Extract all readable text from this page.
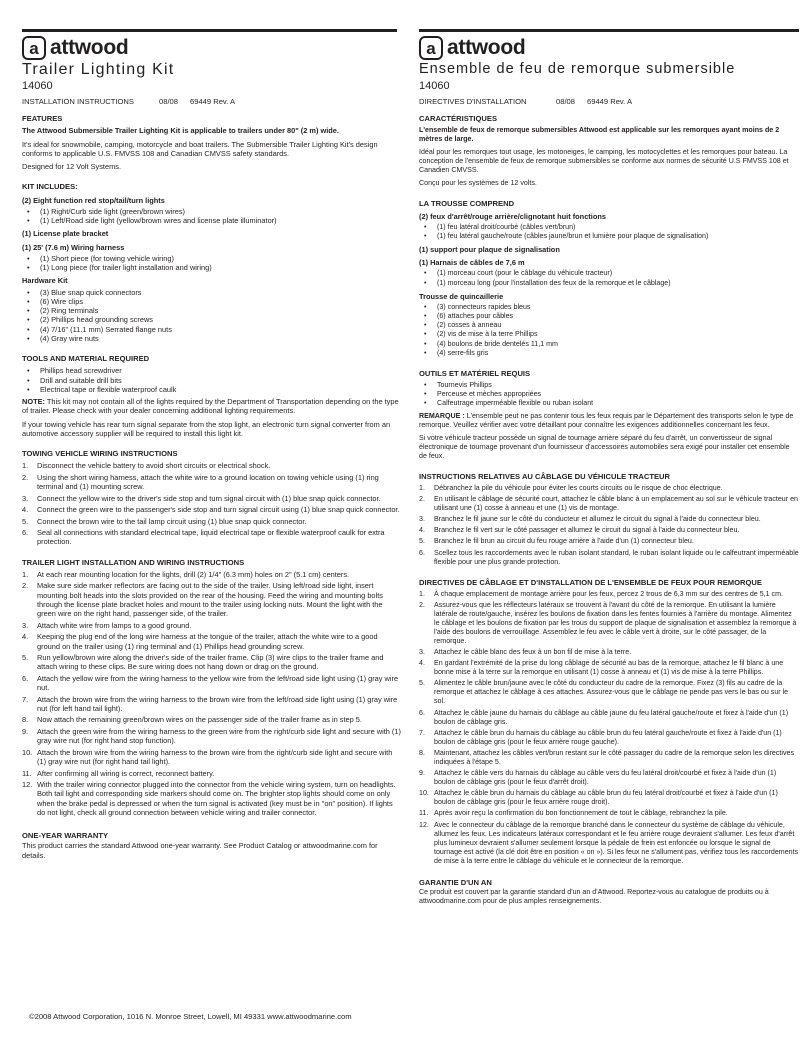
a attwood
Trailer Lighting Kit
14060
INSTALLATION INSTRUCTIONS	08/08	69449 Rev. A
FEATURES

The Attwood Submersible Trailer Lighting Kit is applicable to trailers under 80" (2 m) wide.

It's ideal for snowmobile, camping, motorcycle and boat trailers. The Submersible Trailer Lighting Kit's design conforms to applicable U.S. FMVSS 108 and Canadian CMVSS safety standards.

Designed for 12 Volt Systems.

KIT INCLUDES:
(2) Eight function red stop/tail/turn lights
• (1) Right/Curb side light (green/brown wires)
• (1) Left/Road side light (yellow/brown wires and license plate illuminator)
(1) License plate bracket
(1) 25' (7.6 m) Wiring harness
• (1) Short piece (for towing vehicle wiring)
• (1) Long piece (for trailer light installation and wiring)
Hardware Kit
• (3) Blue snap quick connectors
• (6) Wire clips
• (2) Ring terminals
• (2) Phillips head grounding screws
• (4) 7/16" (11.1 mm) Serrated flange nuts
• (4) Gray wire nuts
TOOLS AND MATERIAL REQUIRED
• Phillips head screwdriver
• Drill and suitable drill bits
• Electrical tape or flexible waterproof caulk

NOTE: This kit may not contain all of the lights required by the Department of Transportation depending on the type of trailer. Please check with your dealer concerning additional lighting requirements.

If your towing vehicle has rear turn signal separate from the stop light, an electronic turn signal converter from an automotive accessory supplier will be required to install this light kit.

TOWING VEHICLE WIRING INSTRUCTIONS
1. Disconnect the vehicle battery to avoid short circuits or electrical shock.
2. Using the short wiring harness, attach the white wire to a ground location on towing vehicle using (1) ring terminal and (1) mounting screw.
3. Connect the yellow wire to the driver's side stop and turn signal circuit with (1) blue snap quick connector.
4. Connect the green wire to the passenger's side stop and turn signal circuit using (1) blue snap quick connector.
5. Connect the brown wire to the tail lamp circuit using (1) blue snap quick connector.
6. Seal all connections with standard electrical tape, liquid electrical tape or flexible waterproof caulk for extra protection.
TRAILER LIGHT INSTALLATION AND WIRING INSTRUCTIONS
1. At each rear mounting location for the lights, drill (2) 1/4" (6.3 mm) holes on 2" (5.1 cm) centers.
2. Make sure side marker reflectors are facing out to the side of the trailer. Using left/road side light, insert mounting bolt heads into the slots provided on the rear of the housing. Feed the wiring and mounting bolts through the license plate bracket holes and mount to the trailer using locking nuts. Mount the light with the green wire on the right hand, passenger side, of the trailer.
3. Attach white wire from lamps to a good ground.
4. Keeping the plug end of the long wire harness at the tongue of the trailer, attach the white wire to a good ground on the trailer using (1) ring terminal and (1) Phillips head grounding screw.
5. Run yellow/brown wire along the driver's side of the trailer frame. Clip (3) wire clips to the trailer frame and attach wiring to these clips. Be sure wiring does not hang down or drag on the ground.
6. Attach the yellow wire from the wiring harness to the yellow wire from the left/road side light using (1) gray wire nut.
7. Attach the brown wire from the wiring harness to the brown wire from the left/road side light using (1) gray wire nut (for left hand tail light).
8. Now attach the remaining green/brown wires on the passenger side of the trailer frame as in step 5.
9. Attach the green wire from the wiring harness to the green wire from the right/curb side light and secure with (1) gray wire nut (for right hand stop function).
10. Attach the brown wire from the wiring harness to the brown wire from the right/curb side light and secure with (1) gray wire nut (for right hand tail light).
11. After confirming all wiring is correct, reconnect battery.
12. With the trailer wiring connector plugged into the connector from the vehicle wiring system, turn on headlights. Both tail light and corresponding side markers should come on. The brighter stop lights should come on only when the brake pedal is depressed or when the turn signal is activated (key must be in "on" position). If lights do not light, check all ground connection between vehicle wiring and trailer connector.
ONE-YEAR WARRANTY

This product carries the standard Attwood one-year warranty. See Product Catalog or attwoodmarine.com for details.

©2008 Attwood Corporation, 1016 N. Monroe Street, Lowell, MI 49331 www.attwoodmarine.com
a attwood
Ensemble de feu de remorque submersible
14060
DIRECTIVES D'INSTALLATION	08/08	69449 Rev. A
CARACTÉRISTIQUES

L'ensemble de feux de remorque submersibles Attwood est applicable sur les remorques ayant moins de 2 mètres de large.

Idéal pour les remorques tout usage, les motoneiges, le camping, les motocyclettes et les remorques pour bateau. La conception de l'ensemble de feux de remorque submersibles se conforme aux normes de sécurité U.S FMVSS 108 et Canadien CMVSS.

Conçu pour les systèmes de 12 volts.

LA TROUSSE COMPREND
(2) feux d'arrêt/rouge arrière/clignotant huit fonctions
• (1) feu latéral droit/courbé (câbles vert/brun)
• (1) feu latéral gauche/route (câbles jaune/brun et lumière pour plaque de signalisation)
(1) support pour plaque de signalisation
(1) Harnais de câbles de 7,6 m
• (1) morceau court (pour le câblage du véhicule tracteur)
• (1) morceau long (pour l'installation des feux de la remorque et le câblage)
Trousse de quincaillerie
• (3) connecteurs rapides bleus
• (6) attaches pour câbles
• (2) cosses à anneau
• (2) vis de mise à la terre Phillips
• (4) boulons de bride dentelés 11,1 mm
• (4) serre-fils gris
OUTILS ET MATÉRIEL REQUIS
• Tournevis Phillips
• Perceuse et mèches appropriées
• Calfeutrage imperméable flexible ou ruban isolant

REMARQUE : L'ensemble peut ne pas contenir tous les feux requis par le Département des transports selon le type de remorque. Veuillez vérifier avec votre détaillant pour connaître les exigences additionnelles concernant les feux.

Si votre véhicule tracteur possède un signal de tournage arrière séparé du feu d'arrêt, un convertisseur de signal électronique de tournage provenant d'un fournisseur d'accessoires automobiles sera exigé pour installer cet ensemble de feux.

INSTRUCTIONS RELATIVES AU CÂBLAGE DU VÉHICULE TRACTEUR
1. Débranchez la pile du véhicule pour éviter les courts circuits ou le risque de choc électrique.
2. En utilisant le câblage de sécurité court, attachez le câble blanc à un emplacement au sol sur le véhicule tracteur en utilisant une (1) cosse à anneau et une (1) vis de montage.
3. Branchez le fil jaune sur le côté du conducteur et allumez le circuit du signal à l'aide du connecteur bleu.
4. Branchez le fil vert sur le côté passager et allumez le circuit du signal à l'aide du connecteur bleu.
5. Branchez le fil brun au circuit du feu rouge arrière à l'aide d'un (1) connecteur bleu.
6. Scellez tous les raccordements avec le ruban isolant standard, le ruban isolant liquide ou le calfeutrant imperméable flexible pour une plus grande protection.
DIRECTIVES DE CÂBLAGE ET D'INSTALLATION DE L'ENSEMBLE DE FEUX POUR REMORQUE
1. À chaque emplacement de montage arrière pour les feux, percez 2 trous de 6,3 mm sur des centres de 5,1 cm.
2. Assurez-vous que les réflecteurs latéraux se trouvent à l'avant du côté de la remorque. En utilisant la lumière latérale de route/gauche, insérez les boulons de fixation dans les fentes fournies à l'arrière du montage. Alimentez le câblage et les boulons de fixation par les trous du support de plaque de signalisation et assemblez la remorque à l'aide des boulons de verrouillage. Assemblez le feu avec le câble vert à droite, sur le côté passager, de la remorque.
3. Attachez le câble blanc des feux à un bon fil de mise à la terre.
4. En gardant l'extrémité de la prise du long câblage de sécurité au bas de la remorque, attachez le fil blanc à une bonne mise à la terre sur la remorque en utilisant (1) cosse à anneau et (1) vis de mise à la terre Phillips.
5. Alimentez le câble brun/jaune avec le côté du conducteur du cadre de la remorque. Fixez (3) fils au cadre de la remorque et attachez le câblage à ces attaches. Assurez-vous que le câblage ne pende pas vers le bas ou sur le sol.
6. Attachez le câble jaune du harnais du câblage au câble jaune du feu latéral gauche/route et fixez à l'aide d'un (1) boulon de câblage gris.
7. Attachez le câble brun du harnais du câblage au câble brun du feu latéral gauche/route et fixez à l'aide d'un (1) boulon de câblage gris (pour le feux arrière rouge gauche).
8. Maintenant, attachez les câbles vert/brun restant sur le côté passager du cadre de la remorque selon les directives indiquées à l'étape 5.
9. Attachez le câble vers du harnais du câblage au câble vers du feu latéral droit/courbé et fixez à l'aide d'un (1) boulon de câblage gris (pour le feux d'arrêt droit).
10. Attachez le câble brun du harnais du câblage au câble brun du feu latéral droit/courbé et fixez à l'aide d'un (1) boulon de câblage gris (pour le feux arrière rouge droit).
11. Après avoir reçu la confirmation du bon fonctionnement de tout le câblage, rebranchez la pile.
12. Avec le connecteur du câblage de la remorque branché dans le connecteur du système de câblage du véhicule, allumez les feux. Les indicateurs latéraux correspondant et le feu arrière rouge devraient s'allumer. Les feux d'arrêt plus lumineux devraient s'allumer seulement lorsque la pédale de frein est enfoncée ou lorsque le signal de tournage est activé (la clé doit être en position « on »). Si les feux ne s'allument pas, vérifiez tous les raccordements de mise à la terre entre le câblage du véhicule et le connecteur de la remorque.
GARANTIE D'UN AN

Ce produit est couvert par la garantie standard d'un an d'Attwood. Reportez-vous au catalogue de produits ou à attwoodmarine.com pour de plus amples renseignements.
